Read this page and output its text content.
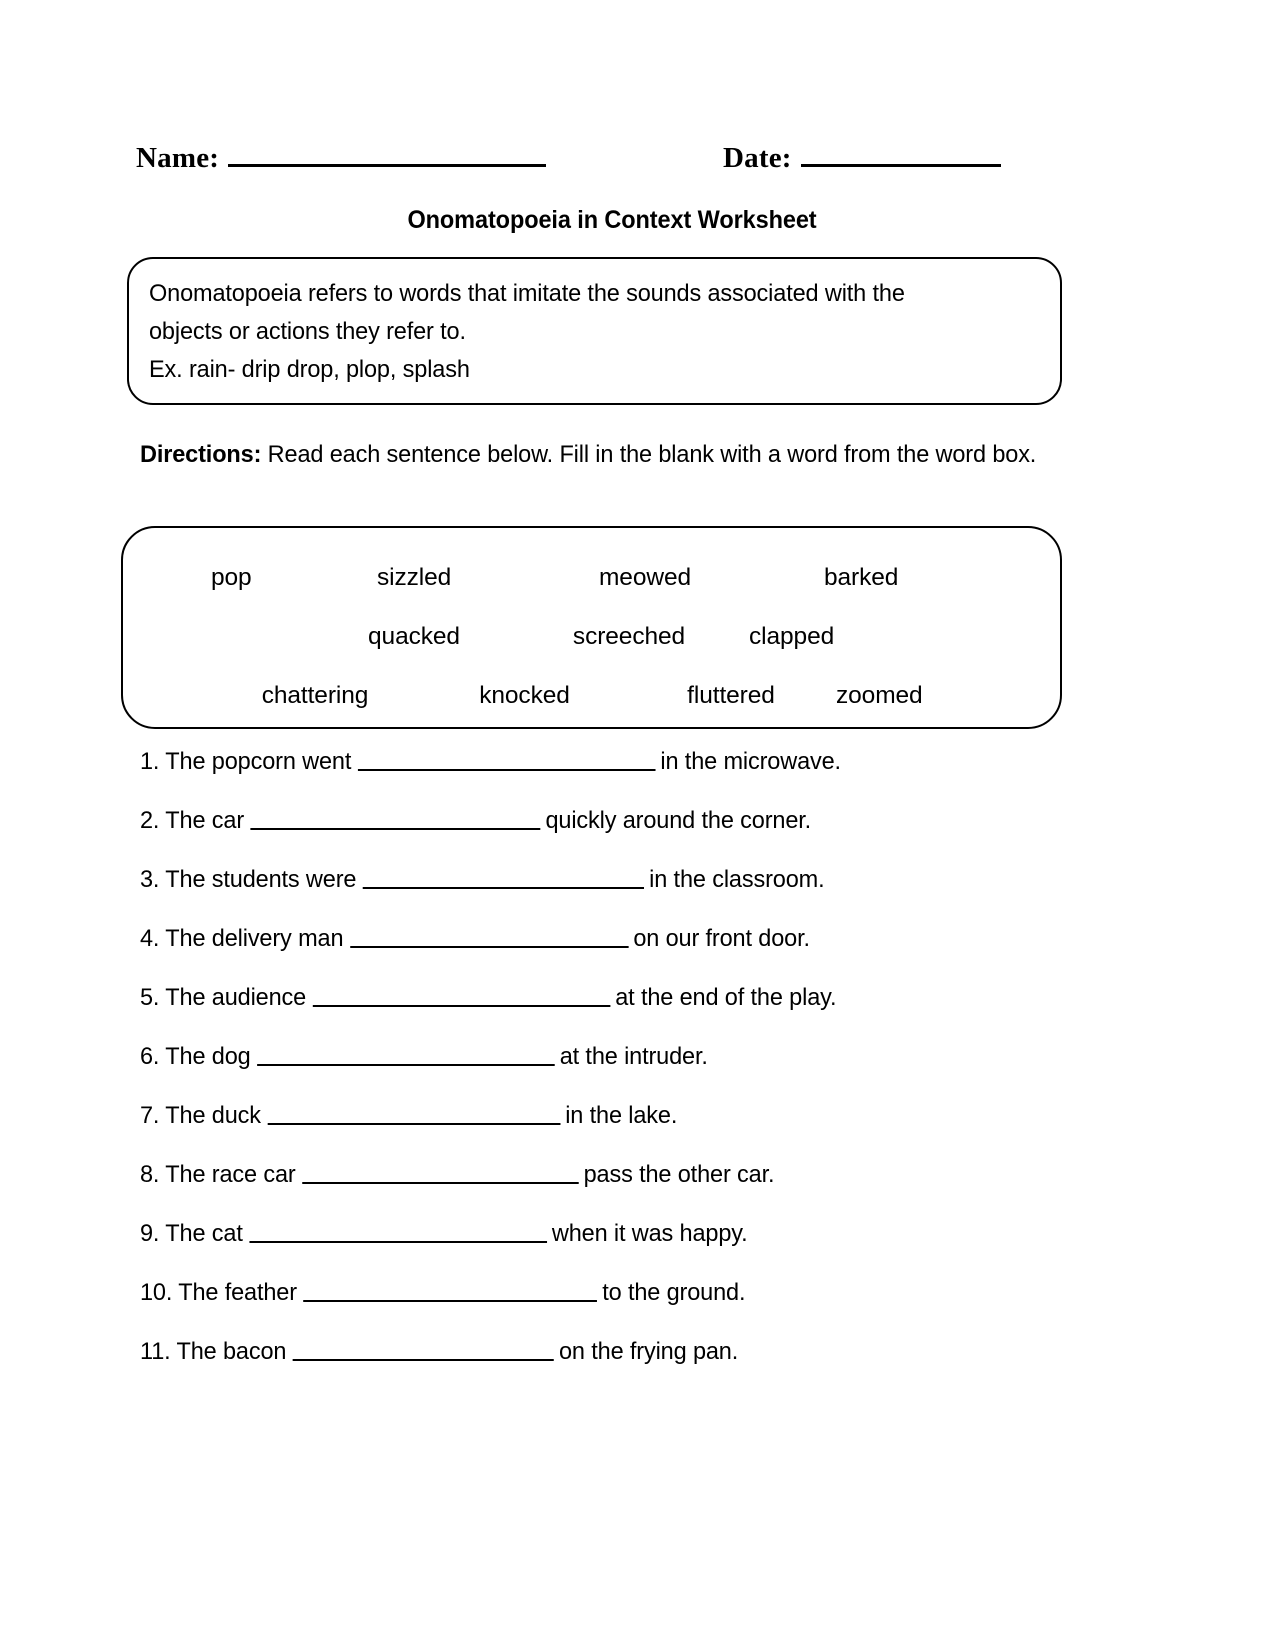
Name:	Date:
Onomatopoeia in Context Worksheet

Onomatopoeia refers to words that imitate the sounds associated with the

objects or actions they refer to.

Ex. rain- drip drop, plop, splash

Directions: Read each sentence below. Fill in the blank with a word from the word box.
pop	sizzled	meowed	barked
quacked	screeched	clapped
chattering	knocked	fluttered	zoomed
1. The popcorn went	in the microwave.
2. The car	quickly around the corner.
3. The students were	in the classroom.
4. The delivery man	on our front door.
5. The audience	at the end of the play.
6. The dog	at the intruder.
7. The duck	in the lake.
8. The race car	pass the other car.
9. The cat	when it was happy.
10. The feather	to the ground.
11. The bacon	on the frying pan.
